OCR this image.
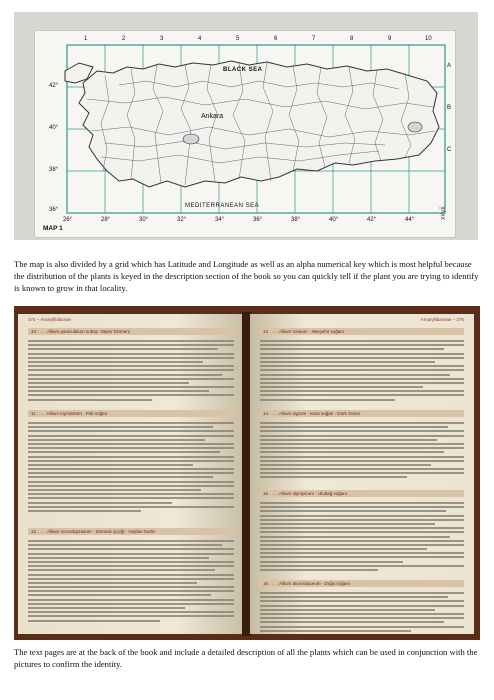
BLACK SEA
MEDITERRANEAN SEA
Ankara
MAP 1
42°
40°
38°
36°
A
B
C
1	2	3	4	5	6	7	8	9	10
26°	28°	30°	32°	34°	36°	38°	40°	42°	44°	xxvii
The map is also divided by a grid which has Latitude and Longitude as well as an alpha numerical key which is most helpful because the distribution of the plants is keyed in the description section of the book so you can quickly tell if the plant you are trying to identify is known to grow in that locality.
274 – Amaryllidaceae
10 . . . . Allium paniculatum subsp. Nepsr körmeni
11 . . . . Allium myrsinitum · Pak soğan
12 . . . . Allium scorodoprasum · Semsuk çiçeği · Hoşlas Garlic
Amaryllidaceae – 275
13 . . . . Allium roseum · Nevşehir soğanı
14 . . . . Allium nigrum · Kara soğan · Dark Onion
15 . . . . Allium olympicum · Uludağ soğanı
16 . . . . Allium atroviolaceum · Doğu soğanı
The text pages are at the back of the book and include a detailed description of all the plants which can be used in conjunction with the pictures to confirm the identity.
